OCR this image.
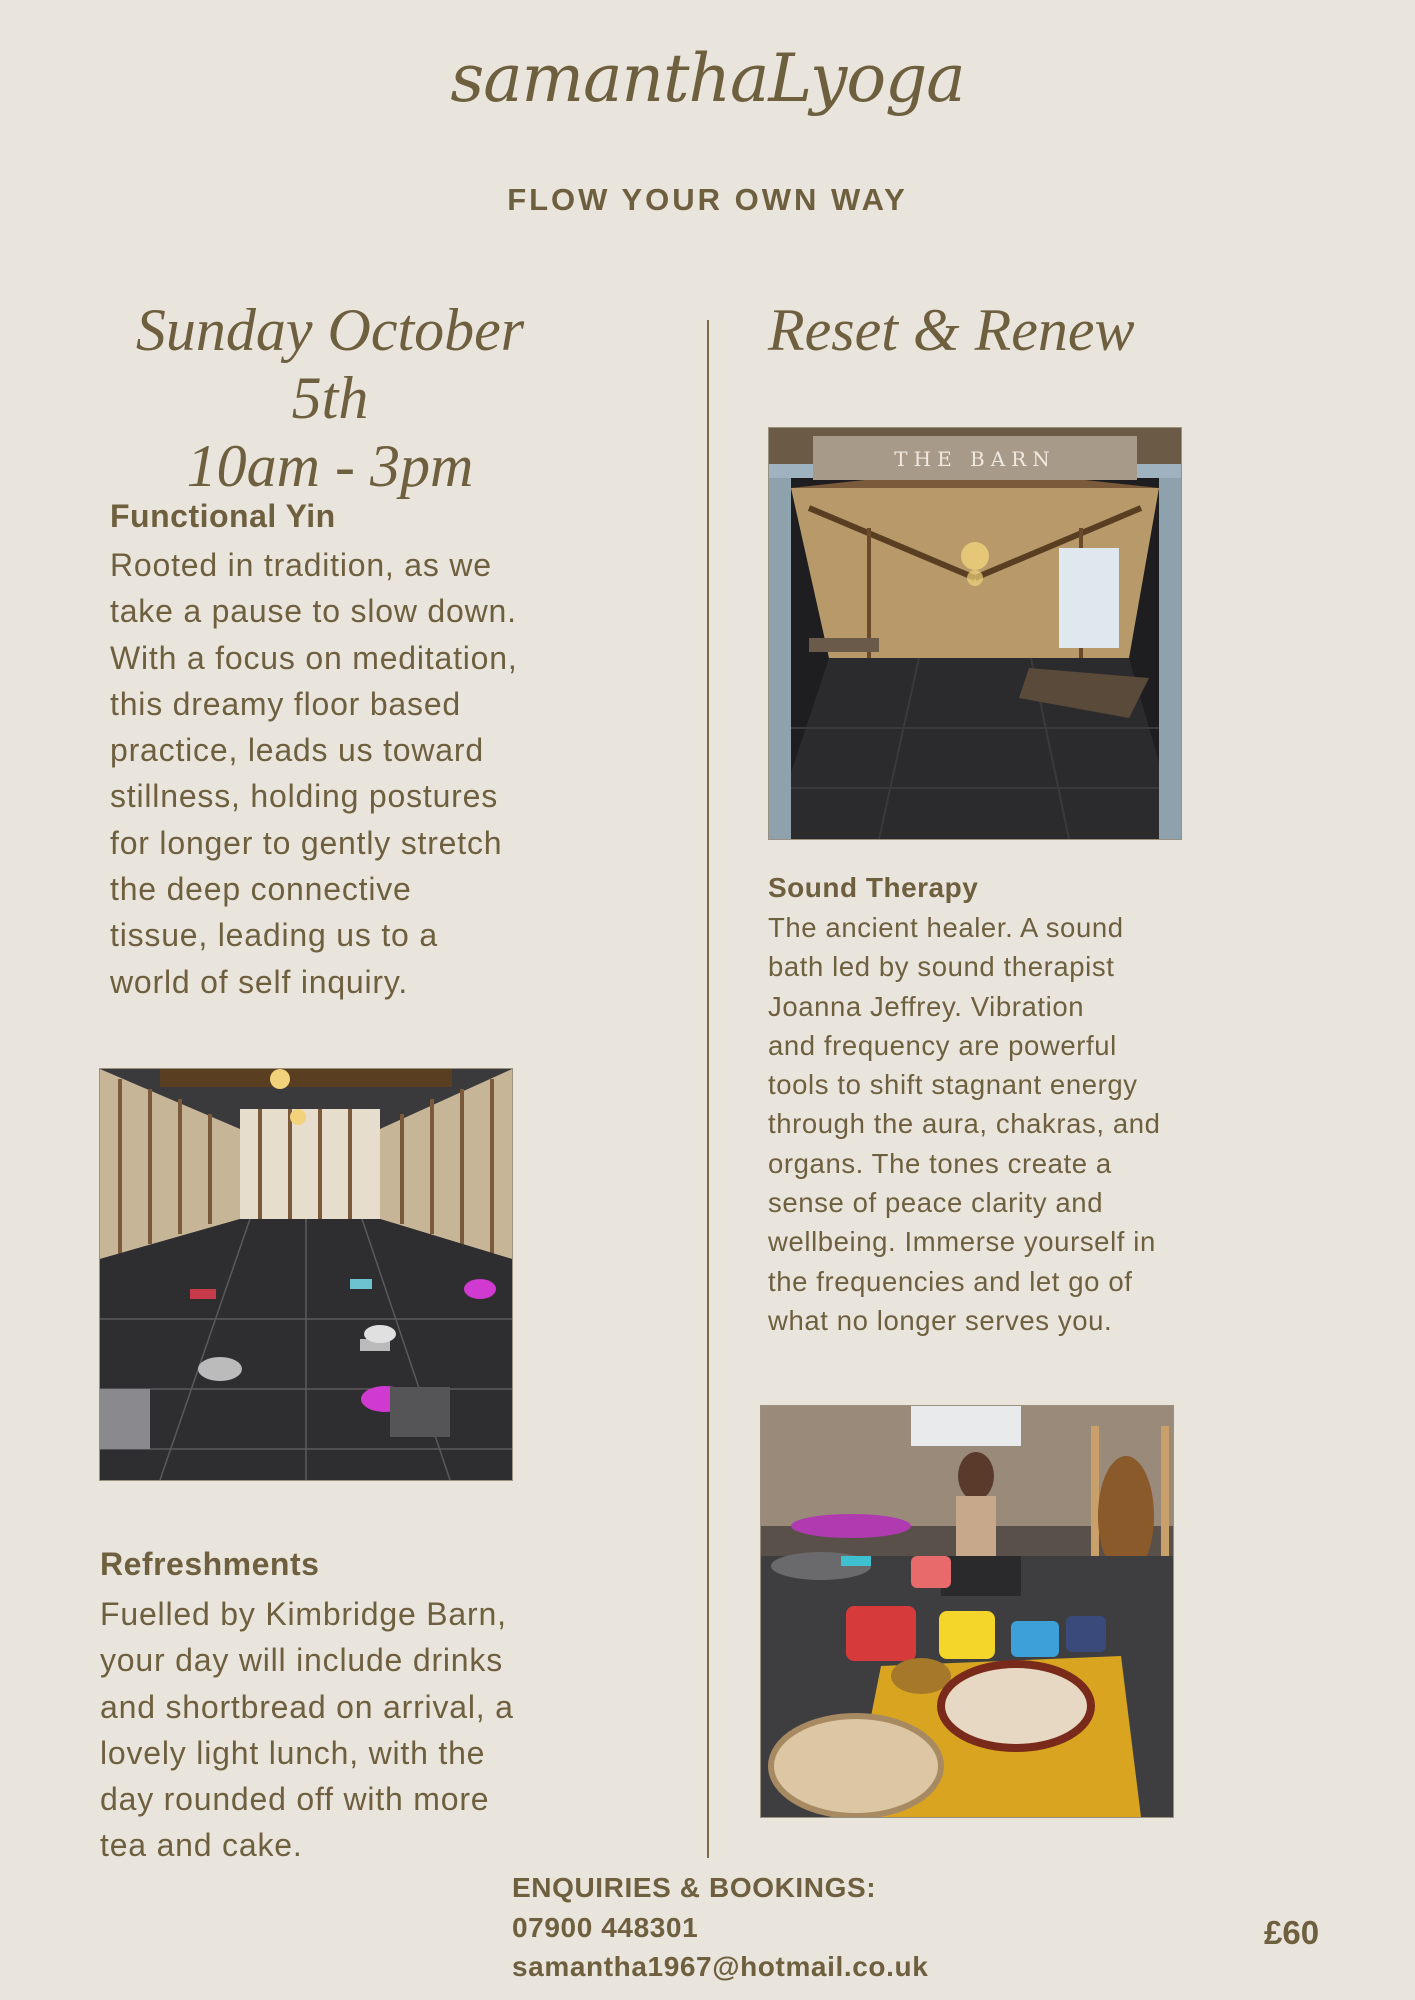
samanthaLyoga
FLOW YOUR OWN WAY
Sunday October 5th
10am - 3pm
Reset & Renew
Functional Yin
Rooted in tradition, as we
take a pause to slow down.
With a focus on meditation,
this dreamy floor based
practice, leads us toward
stillness, holding postures
for longer to gently stretch
the deep connective
tissue, leading us to a
world of self inquiry.
THE BARN
Sound Therapy
The ancient healer. A sound
bath led by sound therapist
Joanna Jeffrey. Vibration
and frequency are powerful
tools to shift stagnant energy
through the aura, chakras, and
organs. The tones create a
sense of peace clarity and
wellbeing. Immerse yourself in
the frequencies and let go of
what no longer serves you.
Refreshments
Fuelled by Kimbridge Barn,
your day will include drinks
and shortbread on arrival, a
lovely light lunch, with the
day rounded off with more
tea and cake.
ENQUIRIES & BOOKINGS:
07900 448301
samantha1967@hotmail.co.uk
£60
